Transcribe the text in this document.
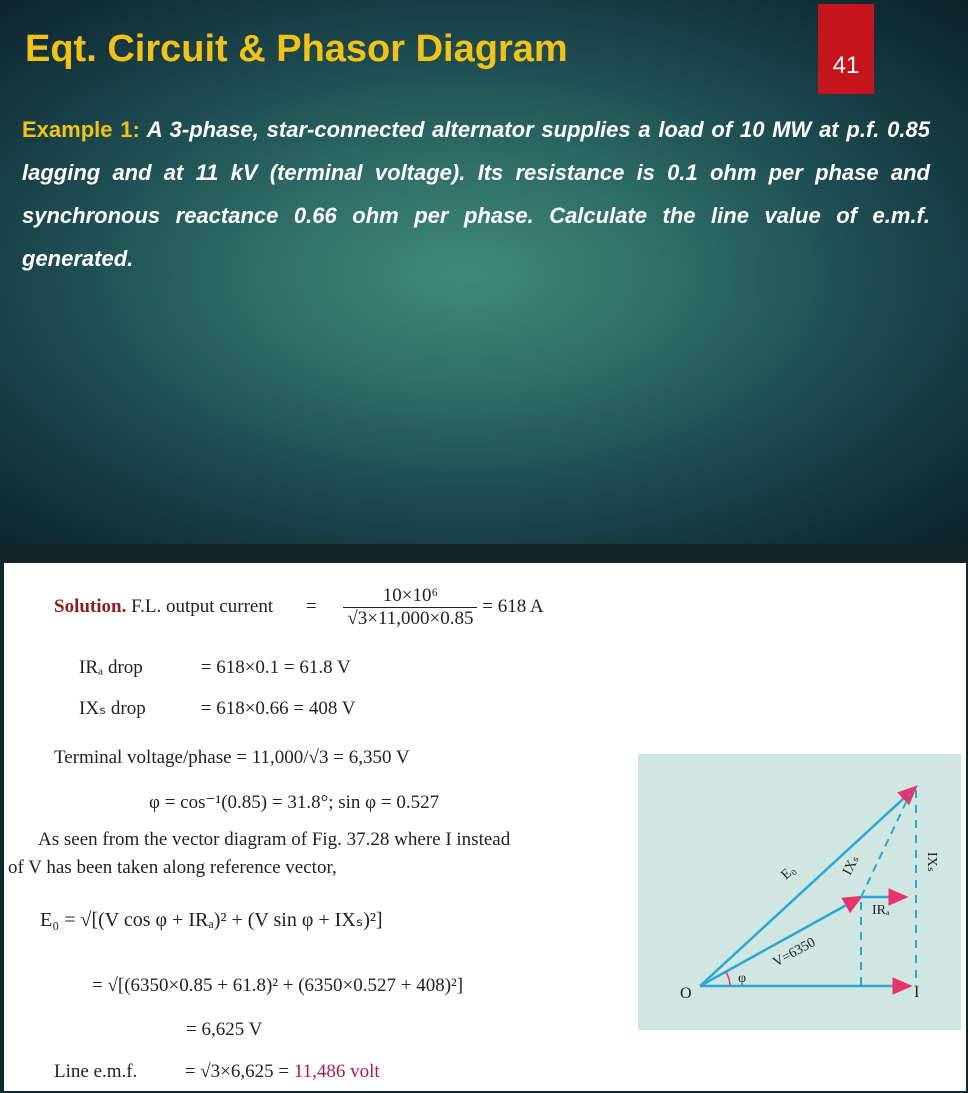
Eqt. Circuit & Phasor Diagram	41

Example 1: A 3-phase, star-connected alternator supplies a load of 10 MW at p.f. 0.85 lagging and at 11 kV (terminal voltage). Its resistance is 0.1 ohm per phase and synchronous reactance 0.66 ohm per phase. Calculate the line value of e.m.f. generated.

Solution. F.L. output current = $\frac{\text{10×10⁶}}{√3\times 11,000\times 0.85} = 618$ A
IRₐ drop	= 618×0.1 = 61.8 V
IXₛ drop	= 618×0.66 = 408 V
Terminal voltage/phase = 11,000/√3 = 6,350 V
φ = cos⁻¹(0.85) = 31.8°; sin φ = 0.527
As seen from the vector diagram of Fig. 37.28 where I instead
of V has been taken along reference vector,
E₀ = √[(V cos φ + IRₐ)² + (V sin φ + IXₛ)²]
= √[(6350×0.85 + 61.8)² + (6350×0.527 + 408)²]
= 6,625 V
Line e.m.f. = √3×6,625 = 11,486 volt
O	I
φ
V=6350
E₀	IXₛ	IXₛ
IRₐ
